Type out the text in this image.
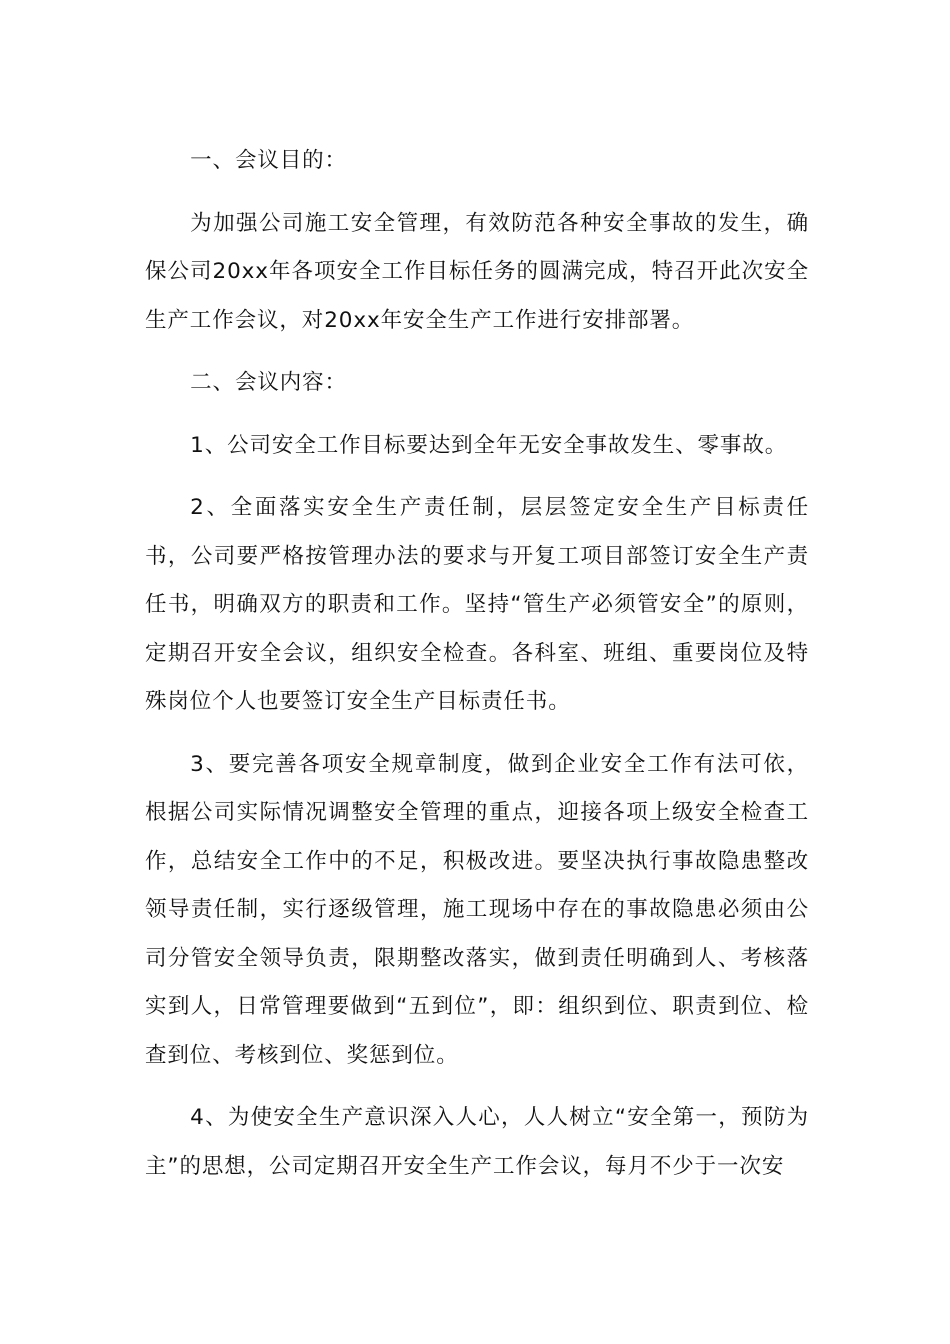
一、会议目的：

为加强公司施工安全管理，有效防范各种安全事故的发生，确保公司20xx年各项安全工作目标任务的圆满完成，特召开此次安全生产工作会议，对20xx年安全生产工作进行安排部署。

二、会议内容：

1、公司安全工作目标要达到全年无安全事故发生、零事故。

2、全面落实安全生产责任制，层层签定安全生产目标责任书，公司要严格按管理办法的要求与开复工项目部签订安全生产责任书，明确双方的职责和工作。坚持“管生产必须管安全”的原则，定期召开安全会议，组织安全检查。各科室、班组、重要岗位及特殊岗位个人也要签订安全生产目标责任书。

3、要完善各项安全规章制度，做到企业安全工作有法可依，根据公司实际情况调整安全管理的重点，迎接各项上级安全检查工作，总结安全工作中的不足，积极改进。要坚决执行事故隐患整改领导责任制，实行逐级管理，施工现场中存在的事故隐患必须由公司分管安全领导负责，限期整改落实，做到责任明确到人、考核落实到人，日常管理要做到“五到位”，即：组织到位、职责到位、检查到位、考核到位、奖惩到位。

4、为使安全生产意识深入人心，人人树立“安全第一，预防为主”的思想，公司定期召开安全生产工作会议，每月不少于一次安
